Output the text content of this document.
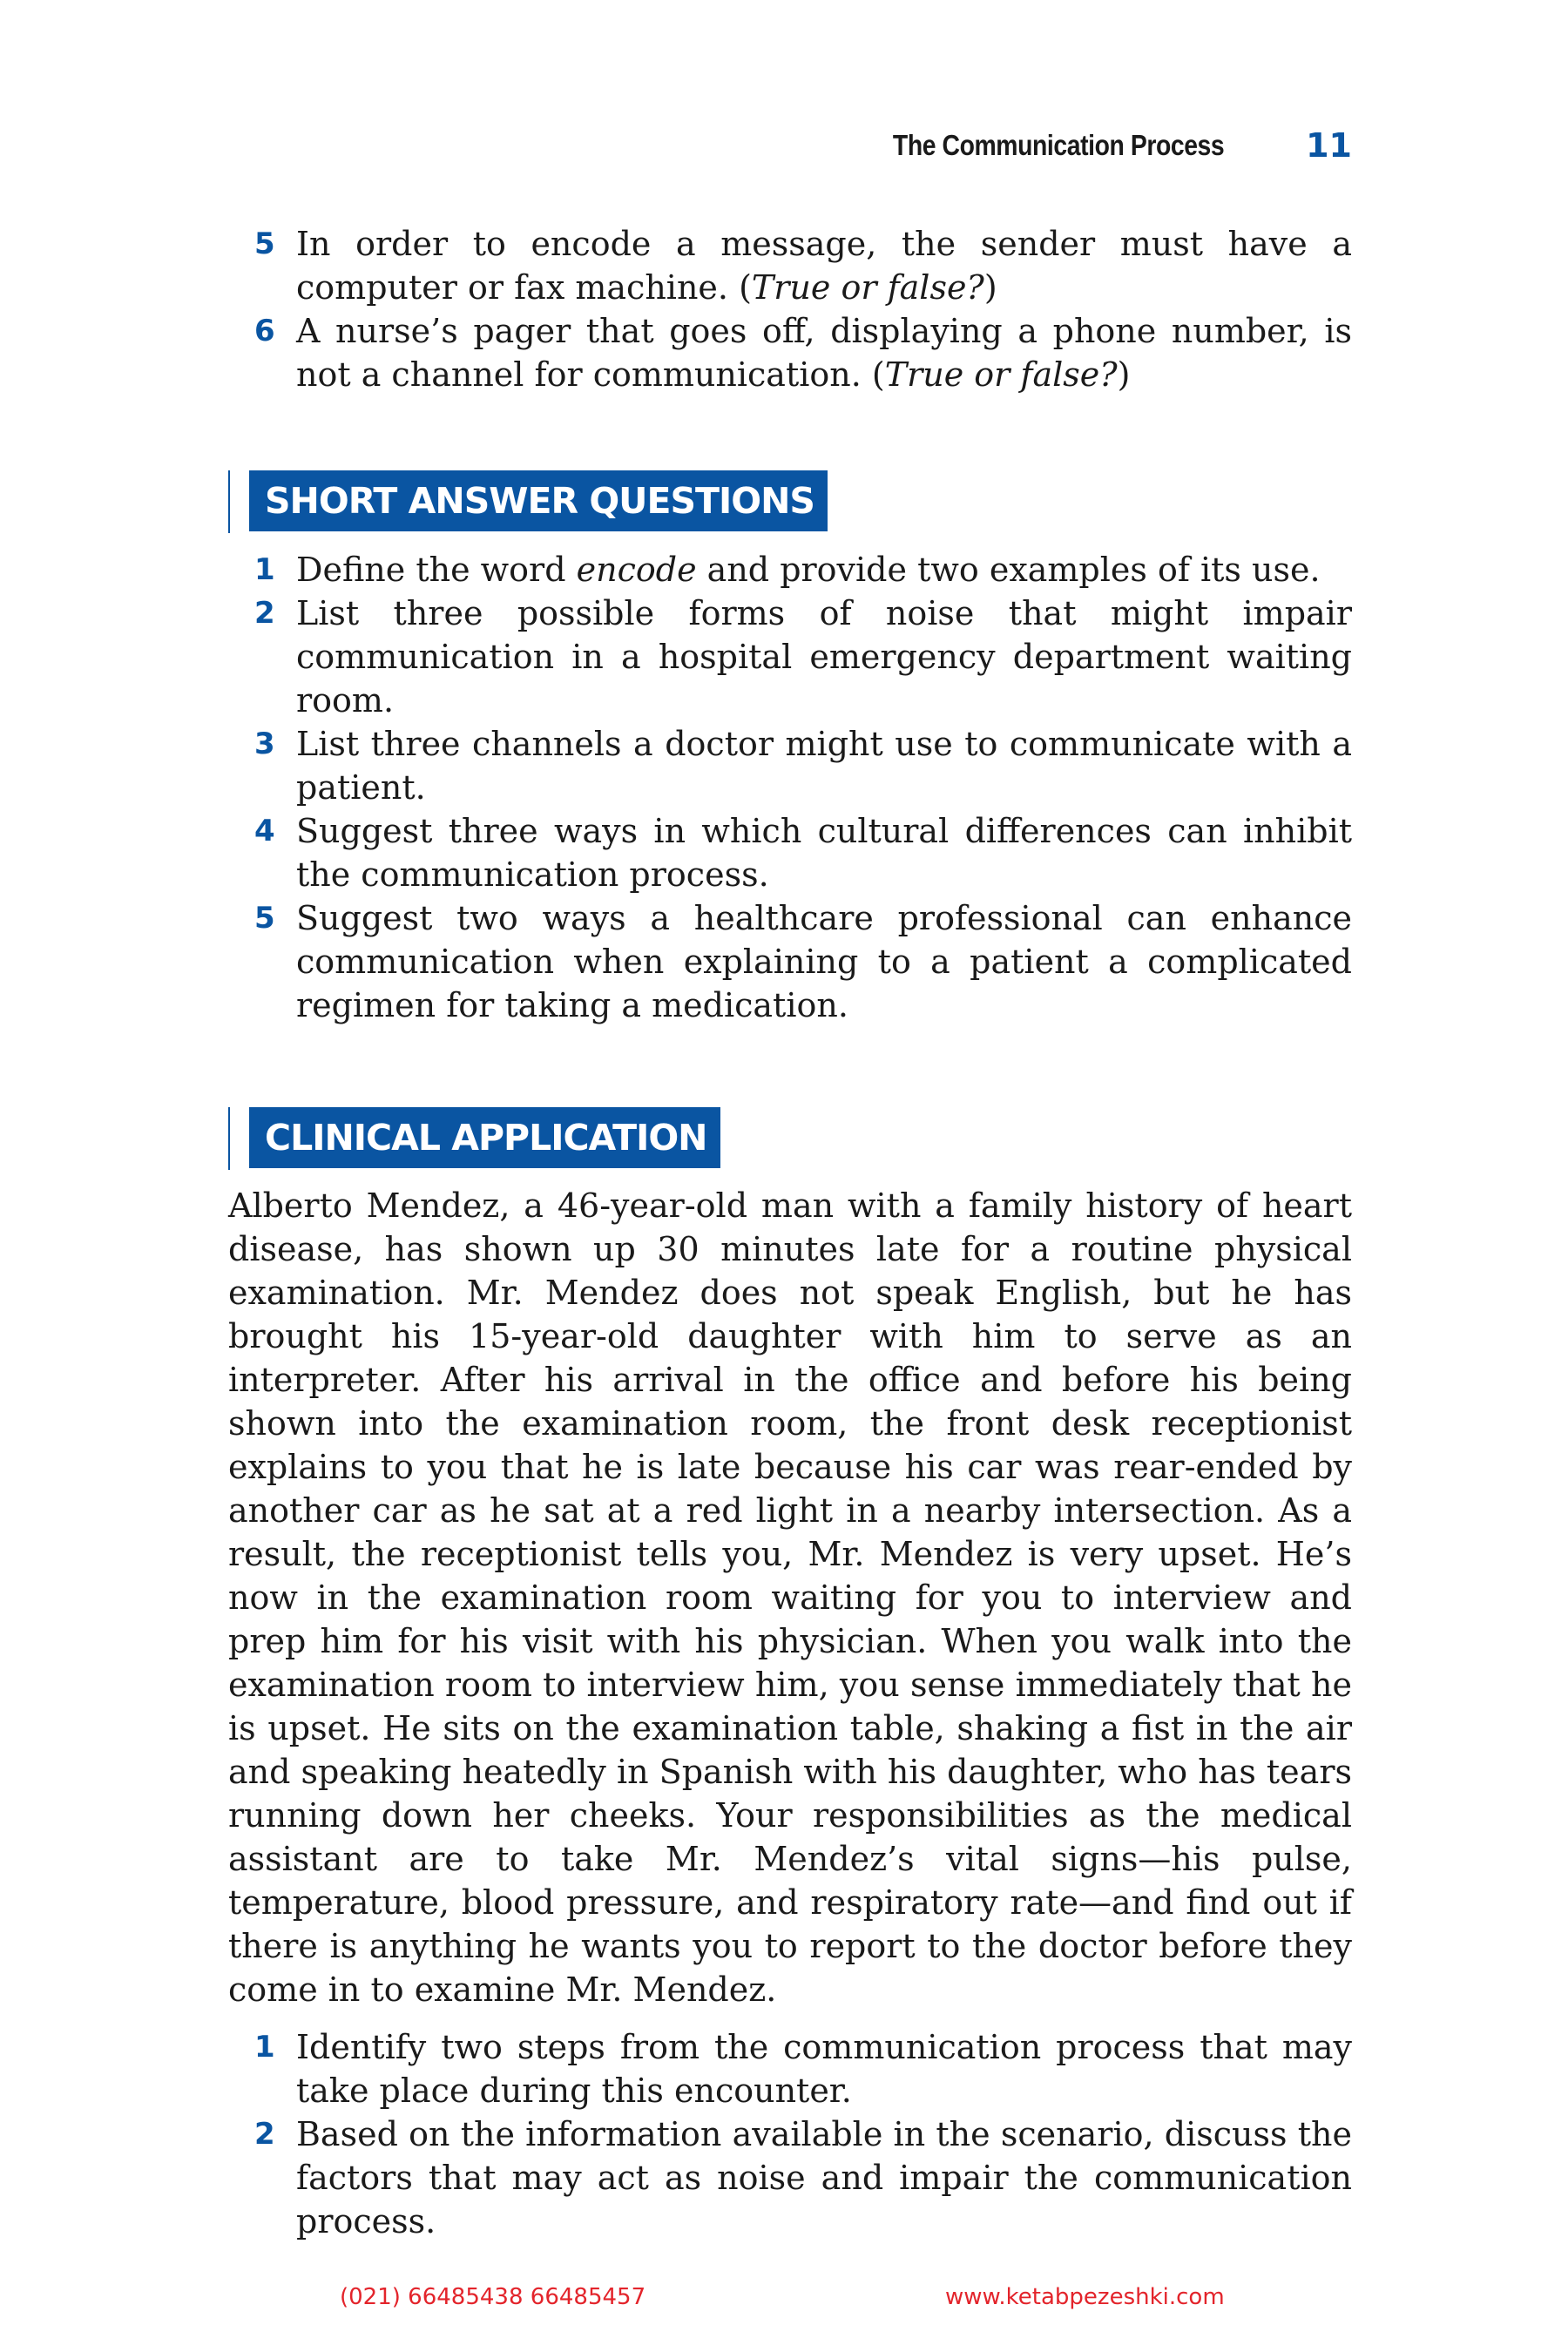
The Communication Process 11
5 In order to encode a message, the sender must have a computer or fax machine. (True or false?)
6 A nurse’s pager that goes off, displaying a phone number, is not a channel for communication. (True or false?)
SHORT ANSWER QUESTIONS
1 Define the word encode and provide two examples of its use.
2 List three possible forms of noise that might impair communication in a hospital emergency department waiting room.
3 List three channels a doctor might use to communicate with a patient.
4 Suggest three ways in which cultural differences can inhibit the communication process.
5 Suggest two ways a healthcare professional can enhance communication when explaining to a patient a complicated regimen for taking a medication.
CLINICAL APPLICATION

Alberto Mendez, a 46-year-old man with a family history of heart disease, has shown up 30 minutes late for a routine physical examination. Mr. Mendez does not speak English, but he has brought his 15-year-old daughter with him to serve as an interpreter. After his arrival in the office and before his being shown into the examination room, the front desk receptionist explains to you that he is late because his car was rear-ended by another car as he sat at a red light in a nearby intersection. As a result, the receptionist tells you, Mr. Mendez is very upset. He’s now in the examination room waiting for you to interview and prep him for his visit with his physician. When you walk into the examination room to interview him, you sense immediately that he is upset. He sits on the examination table, shaking a fist in the air and speaking heatedly in Spanish with his daughter, who has tears running down her cheeks. Your responsibilities as the medical assistant are to take Mr. Mendez’s vital signs—his pulse, temperature, blood pressure, and respiratory rate—and find out if there is anything he wants you to report to the doctor before they come in to examine Mr. Mendez.

1 Identify two steps from the communication process that may take place during this encounter.
2 Based on the information available in the scenario, discuss the factors that may act as noise and impair the communication process.
(021) 66485438 66485457	www.ketabpezeshki.com
